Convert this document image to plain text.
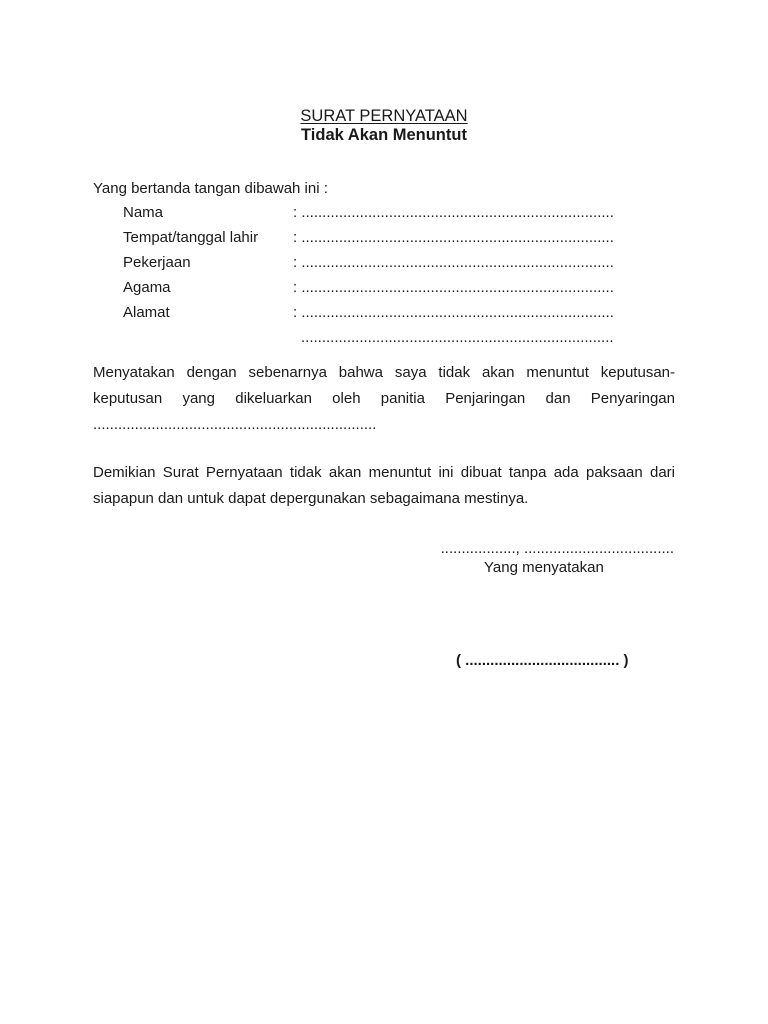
SURAT PERNYATAAN
Tidak Akan Menuntut
Yang bertanda tangan dibawah ini :
Nama	: ...........................................................................
Tempat/tanggal lahir	: ...........................................................................
Pekerjaan	: ...........................................................................
Agama	: ...........................................................................
Alamat	: ...........................................................................
...........................................................................
Menyatakan dengan sebenarnya bahwa saya tidak akan menuntut keputusan-
keputusan yang dikeluarkan oleh panitia Penjaringan dan Penyaringan
....................................................................
Demikian Surat Pernyataan tidak akan menuntut ini dibuat tanpa ada paksaan dari
siapapun dan untuk dapat depergunakan sebagaimana mestinya.
.................., ....................................
Yang menyatakan
( ..................................... )
